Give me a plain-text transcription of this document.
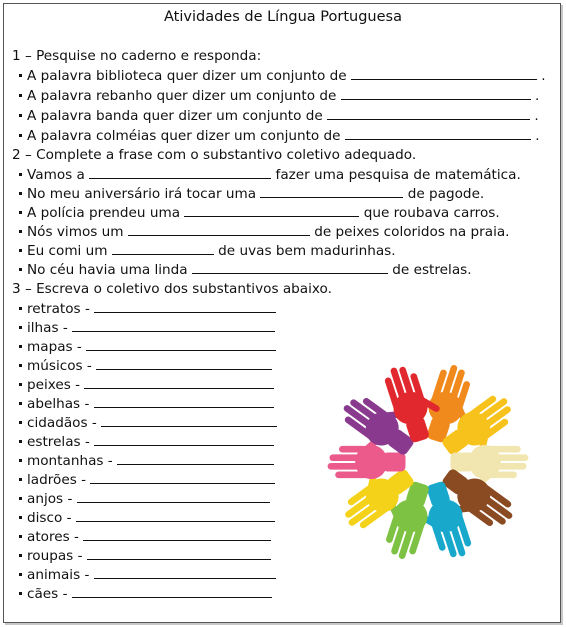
Atividades de Língua Portuguesa
1 – Pesquise no caderno e responda:
A palavra biblioteca quer dizer um conjunto de	.
A palavra rebanho quer dizer um conjunto de	.
A palavra banda quer dizer um conjunto de	.
A palavra colméias quer dizer um conjunto de	.
2 – Complete a frase com o substantivo coletivo adequado.
Vamos a	fazer uma pesquisa de matemática.
No meu aniversário irá tocar uma	de pagode.
A polícia prendeu uma	que roubava carros.
Nós vimos um	de peixes coloridos na praia.
Eu comi um	de uvas bem madurinhas.
No céu havia uma linda	de estrelas.
3 – Escreva o coletivo dos substantivos abaixo.
retratos -
ilhas -
mapas -
músicos -
peixes -
abelhas -
cidadãos -
estrelas -
montanhas -
ladrões -
anjos -
disco -
atores -
roupas -
animais -
cães -
